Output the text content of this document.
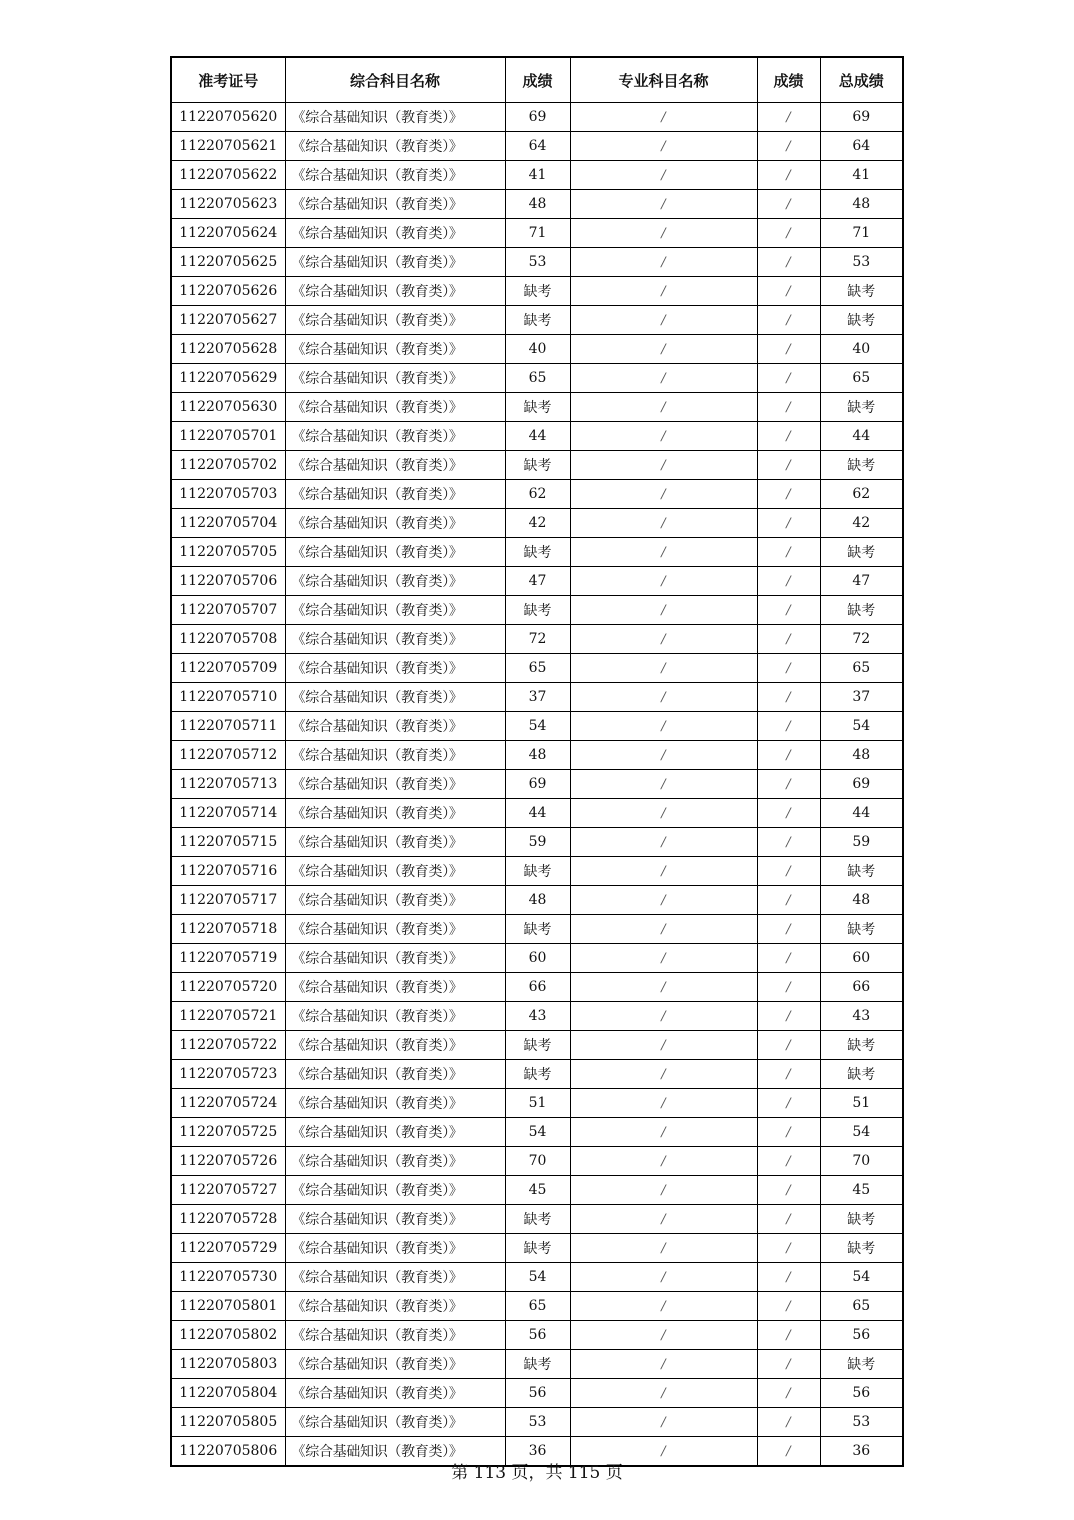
准考证号	综合科目名称	成绩	专业科目名称	成绩	总成绩
11220705620	《综合基础知识（教育类）》	69	/	/	69
11220705621	《综合基础知识（教育类）》	64	/	/	64
11220705622	《综合基础知识（教育类）》	41	/	/	41
11220705623	《综合基础知识（教育类）》	48	/	/	48
11220705624	《综合基础知识（教育类）》	71	/	/	71
11220705625	《综合基础知识（教育类）》	53	/	/	53
11220705626	《综合基础知识（教育类）》	缺考	/	/	缺考
11220705627	《综合基础知识（教育类）》	缺考	/	/	缺考
11220705628	《综合基础知识（教育类）》	40	/	/	40
11220705629	《综合基础知识（教育类）》	65	/	/	65
11220705630	《综合基础知识（教育类）》	缺考	/	/	缺考
11220705701	《综合基础知识（教育类）》	44	/	/	44
11220705702	《综合基础知识（教育类）》	缺考	/	/	缺考
11220705703	《综合基础知识（教育类）》	62	/	/	62
11220705704	《综合基础知识（教育类）》	42	/	/	42
11220705705	《综合基础知识（教育类）》	缺考	/	/	缺考
11220705706	《综合基础知识（教育类）》	47	/	/	47
11220705707	《综合基础知识（教育类）》	缺考	/	/	缺考
11220705708	《综合基础知识（教育类）》	72	/	/	72
11220705709	《综合基础知识（教育类）》	65	/	/	65
11220705710	《综合基础知识（教育类）》	37	/	/	37
11220705711	《综合基础知识（教育类）》	54	/	/	54
11220705712	《综合基础知识（教育类）》	48	/	/	48
11220705713	《综合基础知识（教育类）》	69	/	/	69
11220705714	《综合基础知识（教育类）》	44	/	/	44
11220705715	《综合基础知识（教育类）》	59	/	/	59
11220705716	《综合基础知识（教育类）》	缺考	/	/	缺考
11220705717	《综合基础知识（教育类）》	48	/	/	48
11220705718	《综合基础知识（教育类）》	缺考	/	/	缺考
11220705719	《综合基础知识（教育类）》	60	/	/	60
11220705720	《综合基础知识（教育类）》	66	/	/	66
11220705721	《综合基础知识（教育类）》	43	/	/	43
11220705722	《综合基础知识（教育类）》	缺考	/	/	缺考
11220705723	《综合基础知识（教育类）》	缺考	/	/	缺考
11220705724	《综合基础知识（教育类）》	51	/	/	51
11220705725	《综合基础知识（教育类）》	54	/	/	54
11220705726	《综合基础知识（教育类）》	70	/	/	70
11220705727	《综合基础知识（教育类）》	45	/	/	45
11220705728	《综合基础知识（教育类）》	缺考	/	/	缺考
11220705729	《综合基础知识（教育类）》	缺考	/	/	缺考
11220705730	《综合基础知识（教育类）》	54	/	/	54
11220705801	《综合基础知识（教育类）》	65	/	/	65
11220705802	《综合基础知识（教育类）》	56	/	/	56
11220705803	《综合基础知识（教育类）》	缺考	/	/	缺考
11220705804	《综合基础知识（教育类）》	56	/	/	56
11220705805	《综合基础知识（教育类）》	53	/	/	53
11220705806	《综合基础知识（教育类）》	36	/	/	36
第 113 页，共 115 页
